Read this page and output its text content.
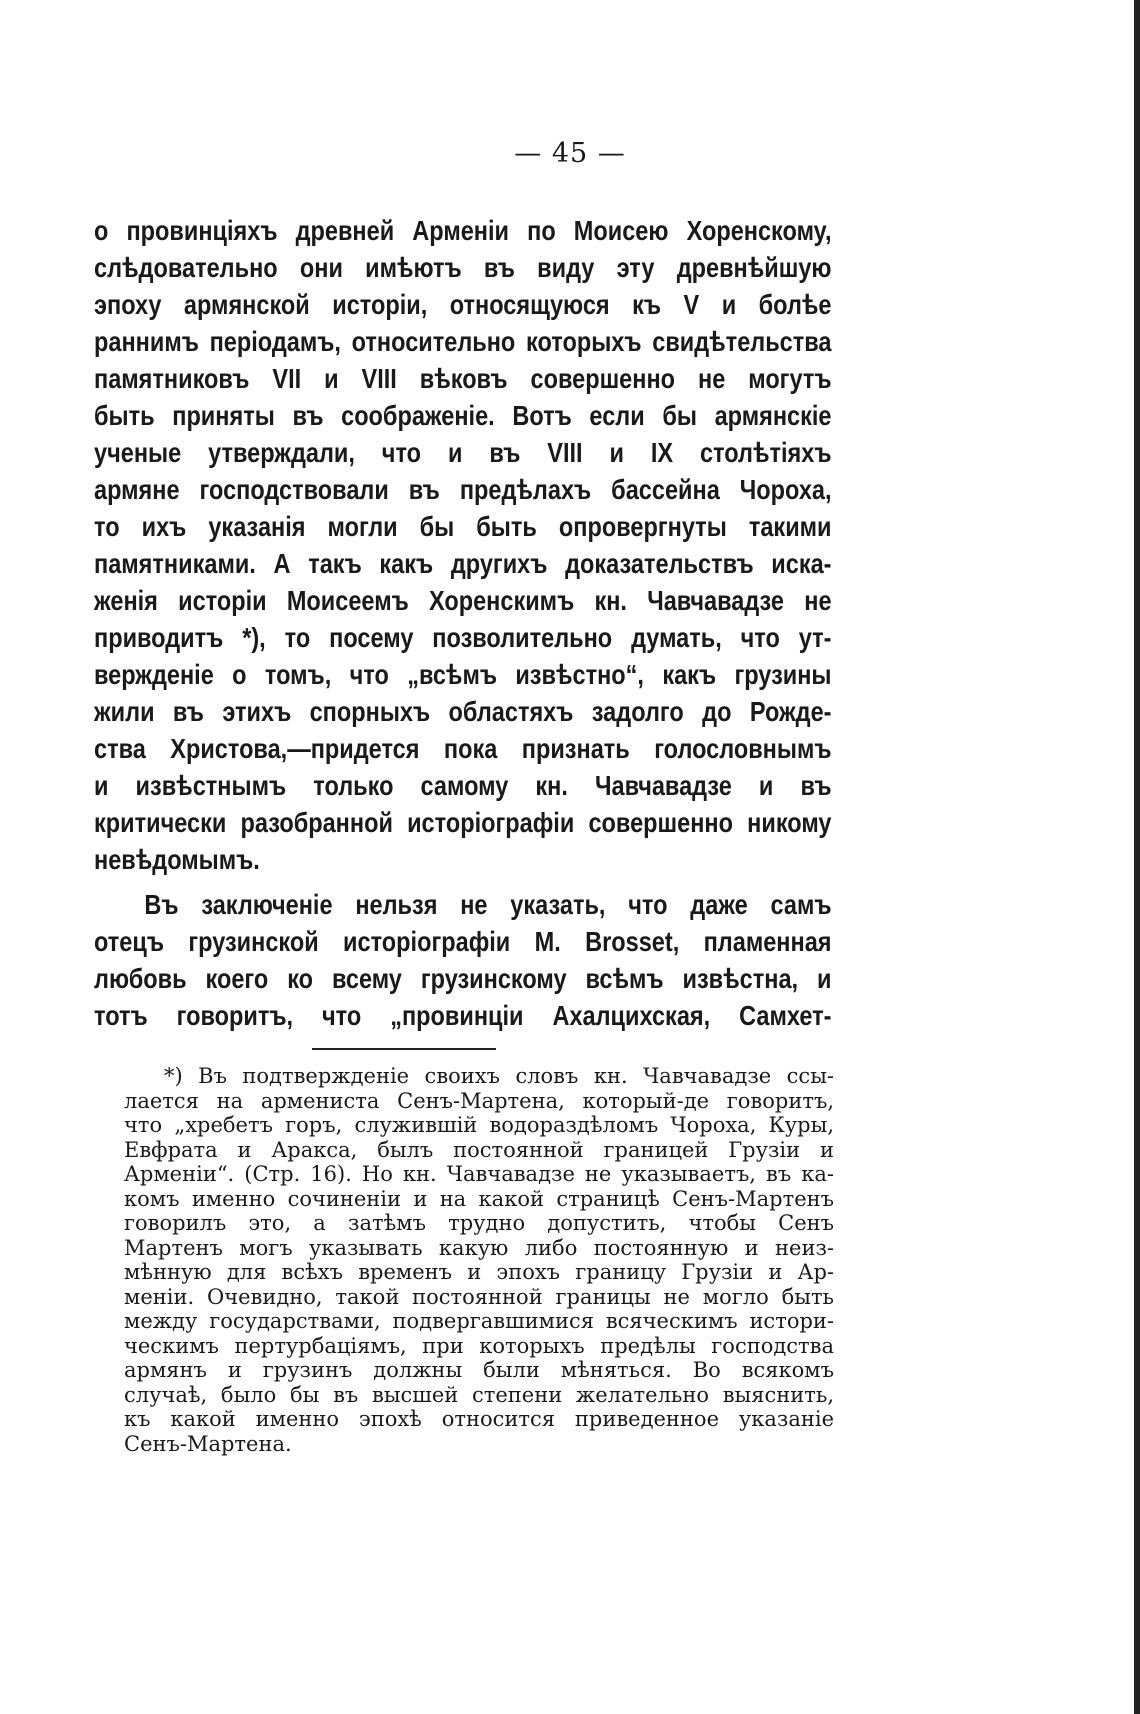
— 45 —
о провинціяхъ древней Арменіи по Моисею Хоренскому,
слѣдовательно они имѣютъ въ виду эту древнѣйшую
эпоху армянской исторіи, относящуюся къ V и болѣе
раннимъ періодамъ, относительно которыхъ свидѣтельства
памятниковъ VII и VIII вѣковъ совершенно не могутъ
быть приняты въ соображеніе. Вотъ если бы армянскіе
ученые утверждали, что и въ VIII и IX столѣтіяхъ
армяне господствовали въ предѣлахъ бассейна Чороха,
то ихъ указанія могли бы быть опровергнуты такими
памятниками. А такъ какъ другихъ доказательствъ иска-
женія исторіи Моисеемъ Хоренскимъ кн. Чавчавадзе не
приводитъ *), то посему позволительно думать, что ут-
вержденіе о томъ, что „всѣмъ извѣстно“, какъ грузины
жили въ этихъ спорныхъ областяхъ задолго до Рожде-
ства Христова,—придется пока признать голословнымъ
и извѣстнымъ только самому кн. Чавчавадзе и въ
критически разобранной исторіографіи совершенно никому
невѣдомымъ.
Въ заключеніе нельзя не указать, что даже самъ
отецъ грузинской исторіографіи M. Brosset, пламенная
любовь коего ко всему грузинскому всѣмъ извѣстна, и
тотъ говоритъ, что „провинціи Ахалцихская, Самхет-
*) Въ подтвержденіе своихъ словъ кн. Чавчавадзе ссы-
лается на армениста Сенъ-Мартена, который-де говоритъ,
что „хребетъ горъ, служившій водораздѣломъ Чороха, Куры,
Евфрата и Аракса, былъ постоянной границей Грузіи и
Арменіи“. (Стр. 16). Но кн. Чавчавадзе не указываетъ, въ ка-
комъ именно сочиненіи и на какой страницѣ Сенъ-Мартенъ
говорилъ это, а затѣмъ трудно допустить, чтобы Сенъ
Мартенъ могъ указывать какую либо постоянную и неиз-
мѣнную для всѣхъ временъ и эпохъ границу Грузіи и Ар-
меніи. Очевидно, такой постоянной границы не могло быть
между государствами, подвергавшимися всяческимъ истори-
ческимъ пертурбаціямъ, при которыхъ предѣлы господства
армянъ и грузинъ должны были мѣняться. Во всякомъ
случаѣ, было бы въ высшей степени желательно выяснить,
къ какой именно эпохѣ относится приведенное указаніе
Сенъ-Мартена.
